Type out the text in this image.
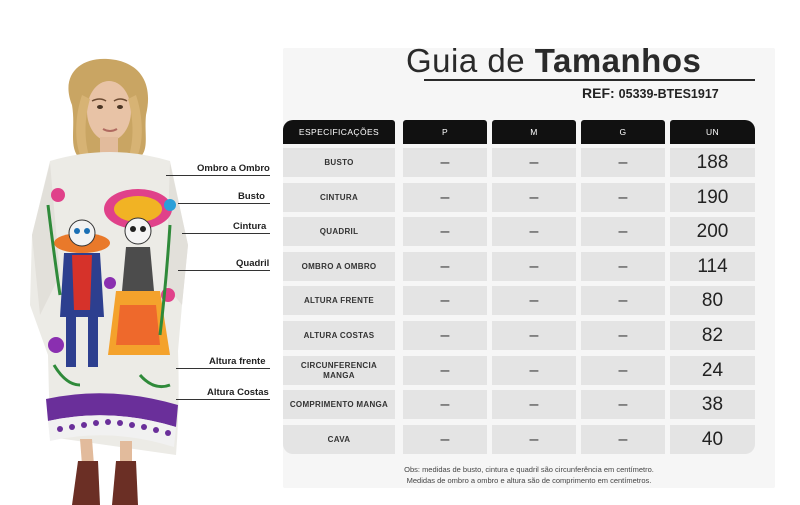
Ombro a Ombro
Busto
Cintura
Quadril
Altura frente
Altura Costas
Guia de Tamanhos
REF: 05339-BTES1917
ESPECIFICAÇÕES	P	M	G	UN
BUSTO	–	–	–	188
CINTURA	–	–	–	190
QUADRIL	–	–	–	200
OMBRO A OMBRO	–	–	–	114
ALTURA FRENTE	–	–	–	80
ALTURA COSTAS	–	–	–	82
CIRCUNFERENCIA MANGA	–	–	–	24
COMPRIMENTO MANGA	–	–	–	38
CAVA	–	–	–	40
Obs: medidas de busto, cintura e quadril são circunferência em centímetro.
Medidas de ombro a ombro e altura são de comprimento em centímetros.
